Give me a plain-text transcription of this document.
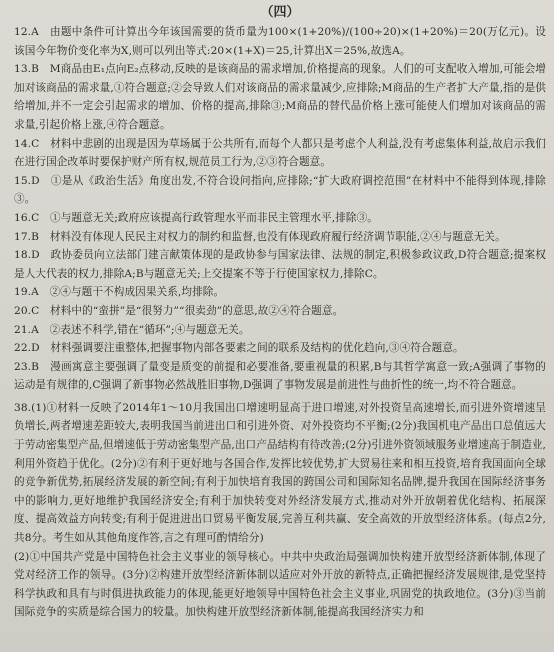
（四）
12.A　由题中条件可计算出今年该国需要的货币量为100×(1+20%)/(100÷20)×(1+20%)＝20(万亿元)。设该国今年物价变化率为X,则可以列出等式:20×(1+X)＝25,计算出X＝25%,故选A。
13.B　M商品由E₁点向E₂点移动,反映的是该商品的需求增加,价格提高的现象。人们的可支配收入增加,可能会增加对该商品的需求量,①符合题意;②会导致人们对该商品的需求量减少,应排除;M商品的生产者扩大产量,指的是供给增加,并不一定会引起需求的增加、价格的提高,排除③;M商品的替代品价格上涨可能使人们增加对该商品的需求量,引起价格上涨,④符合题意。
14.C　材料中悲剧的出现是因为草场属于公共所有,而每个人都只是考虑个人利益,没有考虑集体利益,故启示我们在进行国企改革时要保护财产所有权,规范员工行为,②③符合题意。
15.D　①是从《政治生活》角度出发,不符合设问指向,应排除;“扩大政府调控范围”在材料中不能得到体现,排除③。
16.C　①与题意无关;政府应该提高行政管理水平而非民主管理水平,排除③。
17.B　材料没有体现人民民主对权力的制约和监督,也没有体现政府履行经济调节职能,②④与题意无关。
18.D　政协委员向立法部门建言献策体现的是政协参与国家法律、法规的制定,积极参政议政,D符合题意;提案权是人大代表的权力,排除A;B与题意无关;上交提案不等于行使国家权力,排除C。
19.A　②④与题干不构成因果关系,均排除。
20.C　材料中的“蛮拼”是“很努力”“很卖劲”的意思,故②④符合题意。
21.A　②表述不科学,错在“循环”;④与题意无关。
22.D　材料强调要注重整体,把握事物内部各要素之间的联系及结构的优化趋向,③④符合题意。
23.B　漫画寓意主要强调了量变是质变的前提和必要准备,要重视量的积累,B与其哲学寓意一致;A强调了事物的运动是有规律的,C强调了新事物必然战胜旧事物,D强调了事物发展是前进性与曲折性的统一,均不符合题意。
38.(1)①材料一反映了2014年1～10月我国出口增速明显高于进口增速,对外投资呈高速增长,而引进外资增速呈负增长,两者增速差距较大,表明我国当前进出口和引进外资、对外投资均不平衡;(2分)我国机电产品出口总值远大于劳动密集型产品,但增速低于劳动密集型产品,出口产品结构有待改善;(2分)引进外资领域服务业增速高于制造业,利用外资趋于优化。(2分)②有利于更好地与各国合作,发挥比较优势,扩大贸易往来和相互投资,培育我国面向全球的竞争新优势,拓展经济发展的新空间;有利于加快培育我国的跨国公司和国际知名品牌,提升我国在国际经济事务中的影响力,更好地维护我国经济安全;有利于加快转变对外经济发展方式,推动对外开放朝着优化结构、拓展深度、提高效益方向转变;有利于促进进出口贸易平衡发展,完善互利共赢、安全高效的开放型经济体系。(每点2分,共8分。考生如从其他角度作答,言之有理可酌情给分)
(2)①中国共产党是中国特色社会主义事业的领导核心。中共中央政治局强调加快构建开放型经济新体制,体现了党对经济工作的领导。(3分)②构建开放型经济新体制以适应对外开放的新特点,正确把握经济发展规律,是党坚持科学执政和具有与时俱进执政能力的体现,能更好地领导中国特色社会主义事业,巩固党的执政地位。(3分)③当前国际竞争的实质是综合国力的较量。加快构建开放型经济新体制,能提高我国经济实力和
